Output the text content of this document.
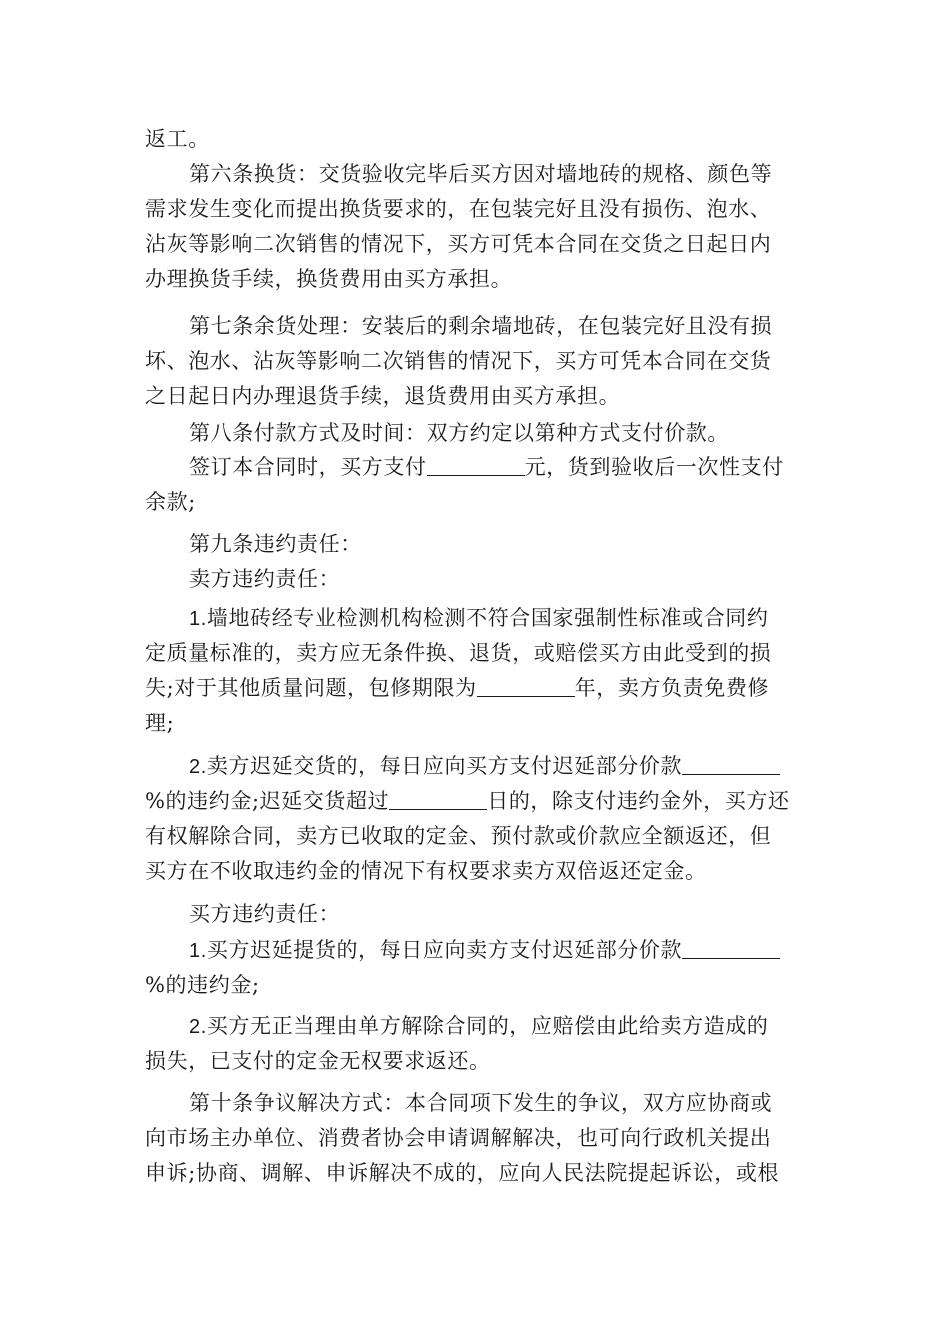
返工。
第六条换货：交货验收完毕后买方因对墙地砖的规格、颜色等
需求发生变化而提出换货要求的，在包装完好且没有损伤、泡水、
沾灰等影响二次销售的情况下，买方可凭本合同在交货之日起日内
办理换货手续，换货费用由买方承担。
第七条余货处理：安装后的剩余墙地砖，在包装完好且没有损
坏、泡水、沾灰等影响二次销售的情况下，买方可凭本合同在交货
之日起日内办理退货手续，退货费用由买方承担。
第八条付款方式及时间：双方约定以第种方式支付价款。
签订本合同时，买方支付	元，货到验收后一次性支付
余款;
第九条违约责任：
卖方违约责任：
1.墙地砖经专业检测机构检测不符合国家强制性标准或合同约
定质量标准的，卖方应无条件换、退货，或赔偿买方由此受到的损
失;对于其他质量问题，包修期限为	年，卖方负责免费修
理;
2.卖方迟延交货的，每日应向买方支付迟延部分价款
%的违约金;迟延交货超过	日的，除支付违约金外，买方还
有权解除合同，卖方已收取的定金、预付款或价款应全额返还，但
买方在不收取违约金的情况下有权要求卖方双倍返还定金。
买方违约责任：
1.买方迟延提货的，每日应向卖方支付迟延部分价款
%的违约金;
2.买方无正当理由单方解除合同的，应赔偿由此给卖方造成的
损失，已支付的定金无权要求返还。
第十条争议解决方式：本合同项下发生的争议，双方应协商或
向市场主办单位、消费者协会申请调解解决，也可向行政机关提出
申诉;协商、调解、申诉解决不成的，应向人民法院提起诉讼，或根
